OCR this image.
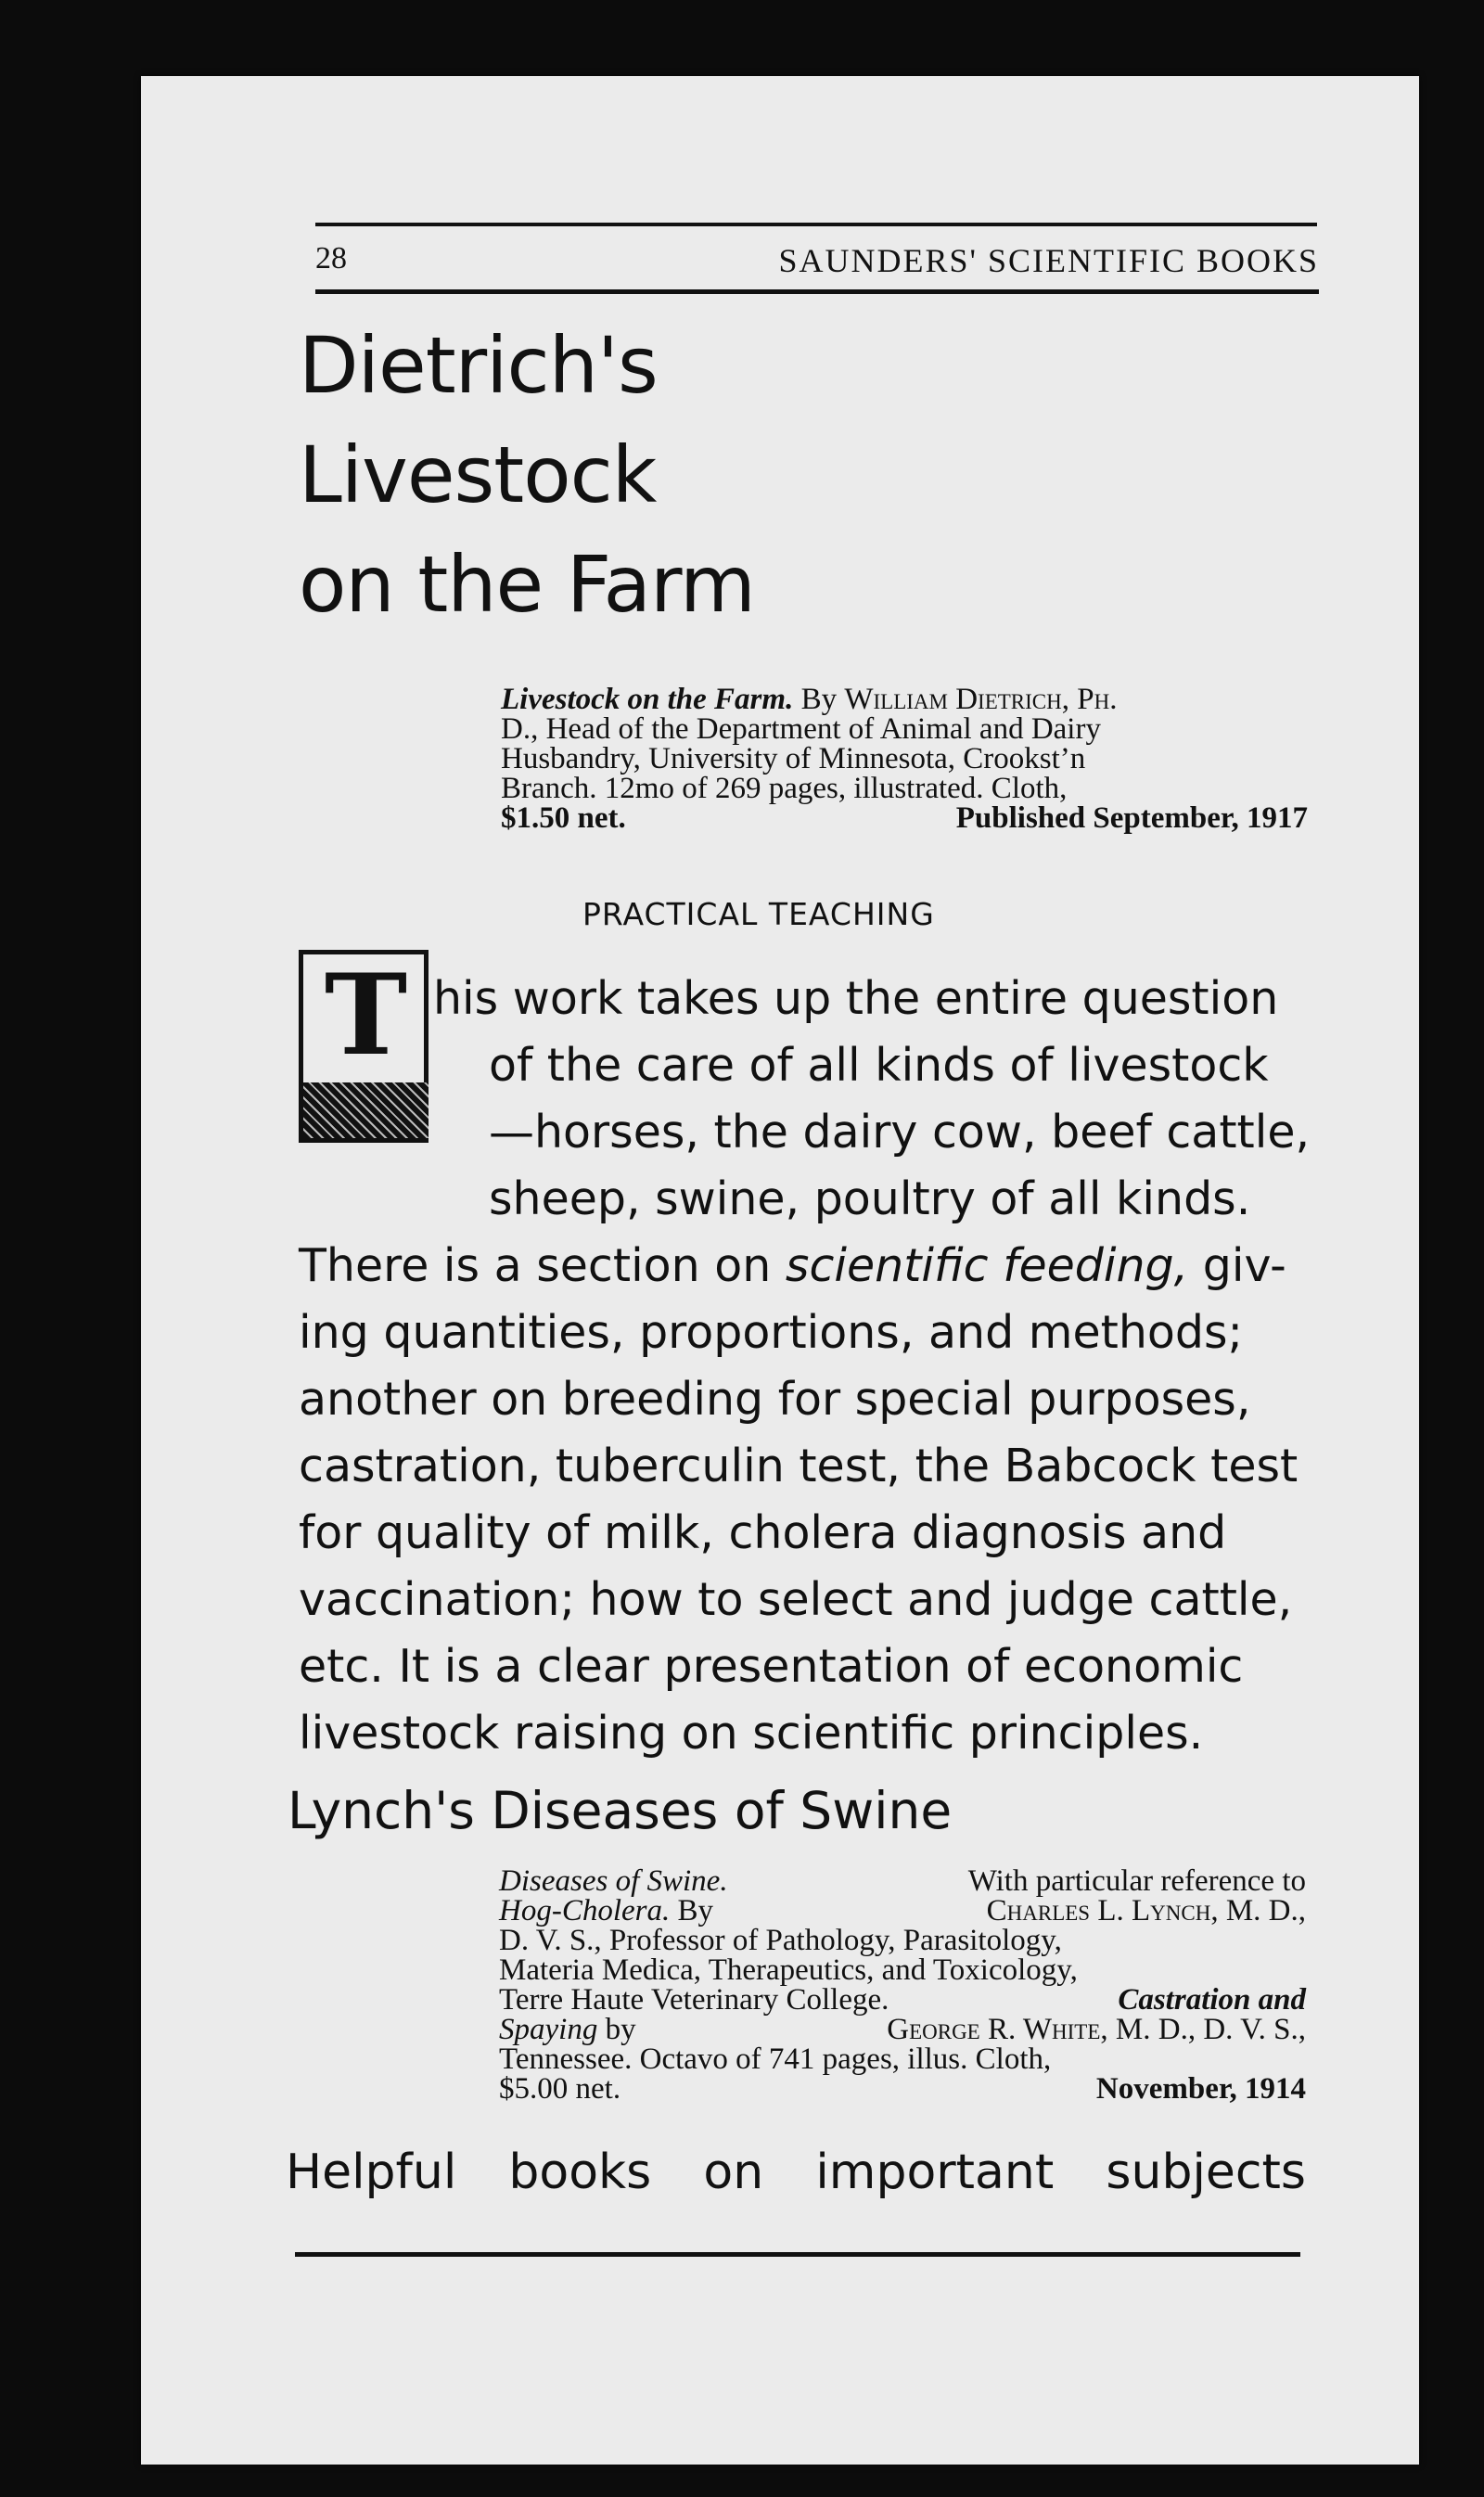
28	SAUNDERS' SCIENTIFIC BOOKS
Dietrich's
Livestock
on the Farm
Livestock on the Farm. By William Dietrich, Ph.
D., Head of the Department of Animal and Dairy
Husbandry, University of Minnesota, Crookst’n
Branch. 12mo of 269 pages, illustrated. Cloth,
$1.50 net.	Published September, 1917
PRACTICAL TEACHING
T his work takes up the entire question
of the care of all kinds of livestock
—horses, the dairy cow, beef cattle,
sheep, swine, poultry of all kinds.
There is a section on scientific feeding, giv-
ing quantities, proportions, and methods;
another on breeding for special purposes,
castration, tuberculin test, the Babcock test
for quality of milk, cholera diagnosis and
vaccination; how to select and judge cattle,
etc. It is a clear presentation of economic
livestock raising on scientific principles.
Lynch's Diseases of Swine
Diseases of Swine.	With particular reference to
Hog-Cholera. By	Charles L. Lynch, M. D.,
D. V. S., Professor of Pathology, Parasitology,
Materia Medica, Therapeutics, and Toxicology,
Terre Haute Veterinary College.	Castration and
Spaying by	George R. White, M. D., D. V. S.,
Tennessee. Octavo of 741 pages, illus. Cloth,
$5.00 net.	November, 1914
Helpful books on important subjects
